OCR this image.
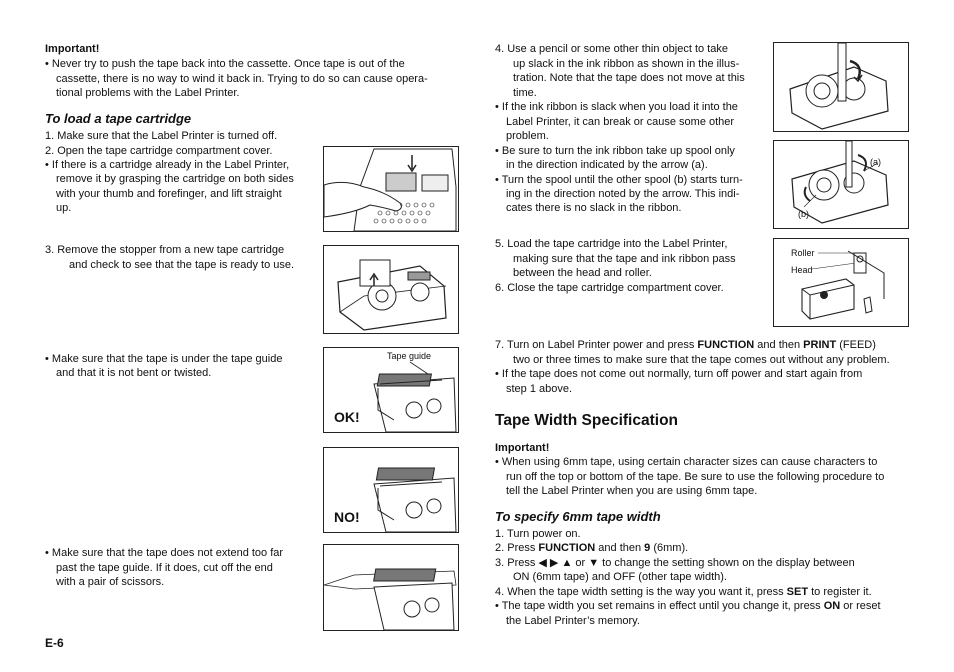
Important!
• Never try to push the tape back into the cassette. Once tape is out of the
cassette, there is no way to wind it back in. Trying to do so can cause opera-
tional problems with the Label Printer.
To load a tape cartridge
1. Make sure that the Label Printer is turned off.
2. Open the tape cartridge compartment cover.
• If there is a cartridge already in the Label Printer,
remove it by grasping the cartridge on both sides
with your thumb and forefinger, and lift straight
up.
3. Remove the stopper from a new tape cartridge
and check to see that the tape is ready to use.
• Make sure that the tape is under the tape guide
and that it is not bent or twisted.
Tape guide
OK!
NO!
• Make sure that the tape does not extend too far
past the tape guide. If it does, cut off the end
with a pair of scissors.
E-6
4. Use a pencil or some other thin object to take
up slack in the ink ribbon as shown in the illus-
tration. Note that the tape does not move at this
time.
• If the ink ribbon is slack when you load it into the
Label Printer, it can break or cause some other
problem.
• Be sure to turn the ink ribbon take up spool only
in the direction indicated by the arrow (a).
• Turn the spool until the other spool (b) starts turn-
ing in the direction noted by the arrow. This indi-
cates there is no slack in the ribbon.
(a)
(b)
5. Load the tape cartridge into the Label Printer,
making sure that the tape and ink ribbon pass
between the head and roller.
6. Close the tape cartridge compartment cover.
Roller
Head
7. Turn on Label Printer power and press FUNCTION and then PRINT (FEED)
two or three times to make sure that the tape comes out without any problem.
• If the tape does not come out normally, turn off power and start again from
step 1 above.
Tape Width Specification
Important!
• When using 6mm tape, using certain character sizes can cause characters to
run off the top or bottom of the tape. Be sure to use the following procedure to
tell the Label Printer when you are using 6mm tape.
To specify 6mm tape width
1. Turn power on.
2. Press FUNCTION and then 9 (6mm).
3. Press ◀ ▶ ▲ or ▼ to change the setting shown on the display between
ON (6mm tape) and OFF (other tape width).
4. When the tape width setting is the way you want it, press SET to register it.
• The tape width you set remains in effect until you change it, press ON or reset
the Label Printer’s memory.
